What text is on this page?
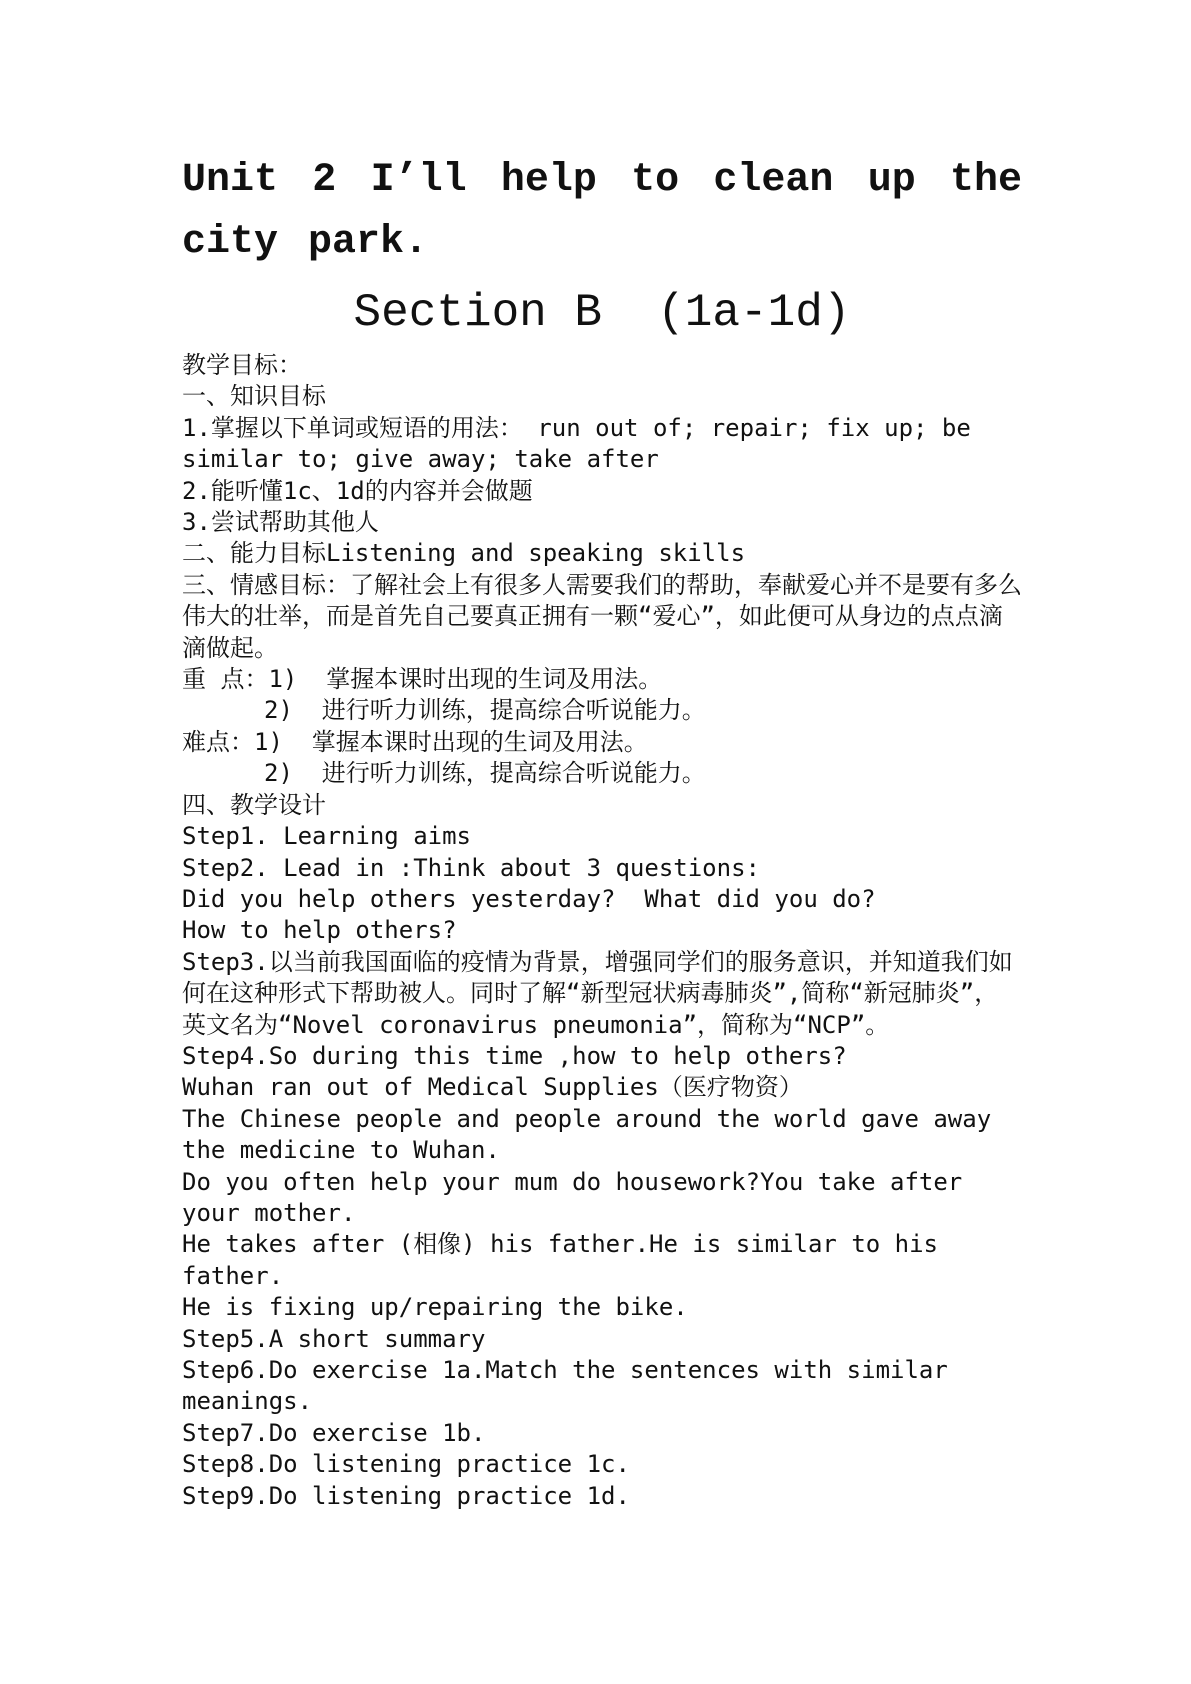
Unit 2 I’ll help to clean up the city park.

Section B  (1a-1d)

教学目标：

一、知识目标

1.掌握以下单词或短语的用法： run out of; repair; fix up; be similar to; give away; take after

2.能听懂1c、1d的内容并会做题

3.尝试帮助其他人

二、能力目标Listening and speaking skills

三、情感目标：了解社会上有很多人需要我们的帮助，奉献爱心并不是要有多么伟大的壮举，而是首先自己要真正拥有一颗“爱心”，如此便可从身边的点点滴滴做起。

重 点：1)  掌握本课时出现的生词及用法。

2)  进行听力训练，提高综合听说能力。

难点：1)  掌握本课时出现的生词及用法。

2)  进行听力训练，提高综合听说能力。

四、教学设计

Step1. Learning aims

Step2. Lead in :Think about 3 questions:

Did you help others yesterday?  What did you do?

How to help others?

Step3.以当前我国面临的疫情为背景，增强同学们的服务意识，并知道我们如何在这种形式下帮助被人。同时了解“新型冠状病毒肺炎”,简称“新冠肺炎”，英文名为“Novel coronavirus pneumonia”，简称为“NCP”。

Step4.So during this time ,how to help others?

Wuhan ran out of Medical Supplies（医疗物资）

The Chinese people and people around the world gave away the medicine to Wuhan.

Do you often help your mum do housework?You take after your mother.

He takes after (相像) his father.He is similar to his father.

He is fixing up/repairing the bike.

Step5.A short summary

Step6.Do exercise 1a.Match the sentences with similar meanings.

Step7.Do exercise 1b.

Step8.Do listening practice 1c.

Step9.Do listening practice 1d.
